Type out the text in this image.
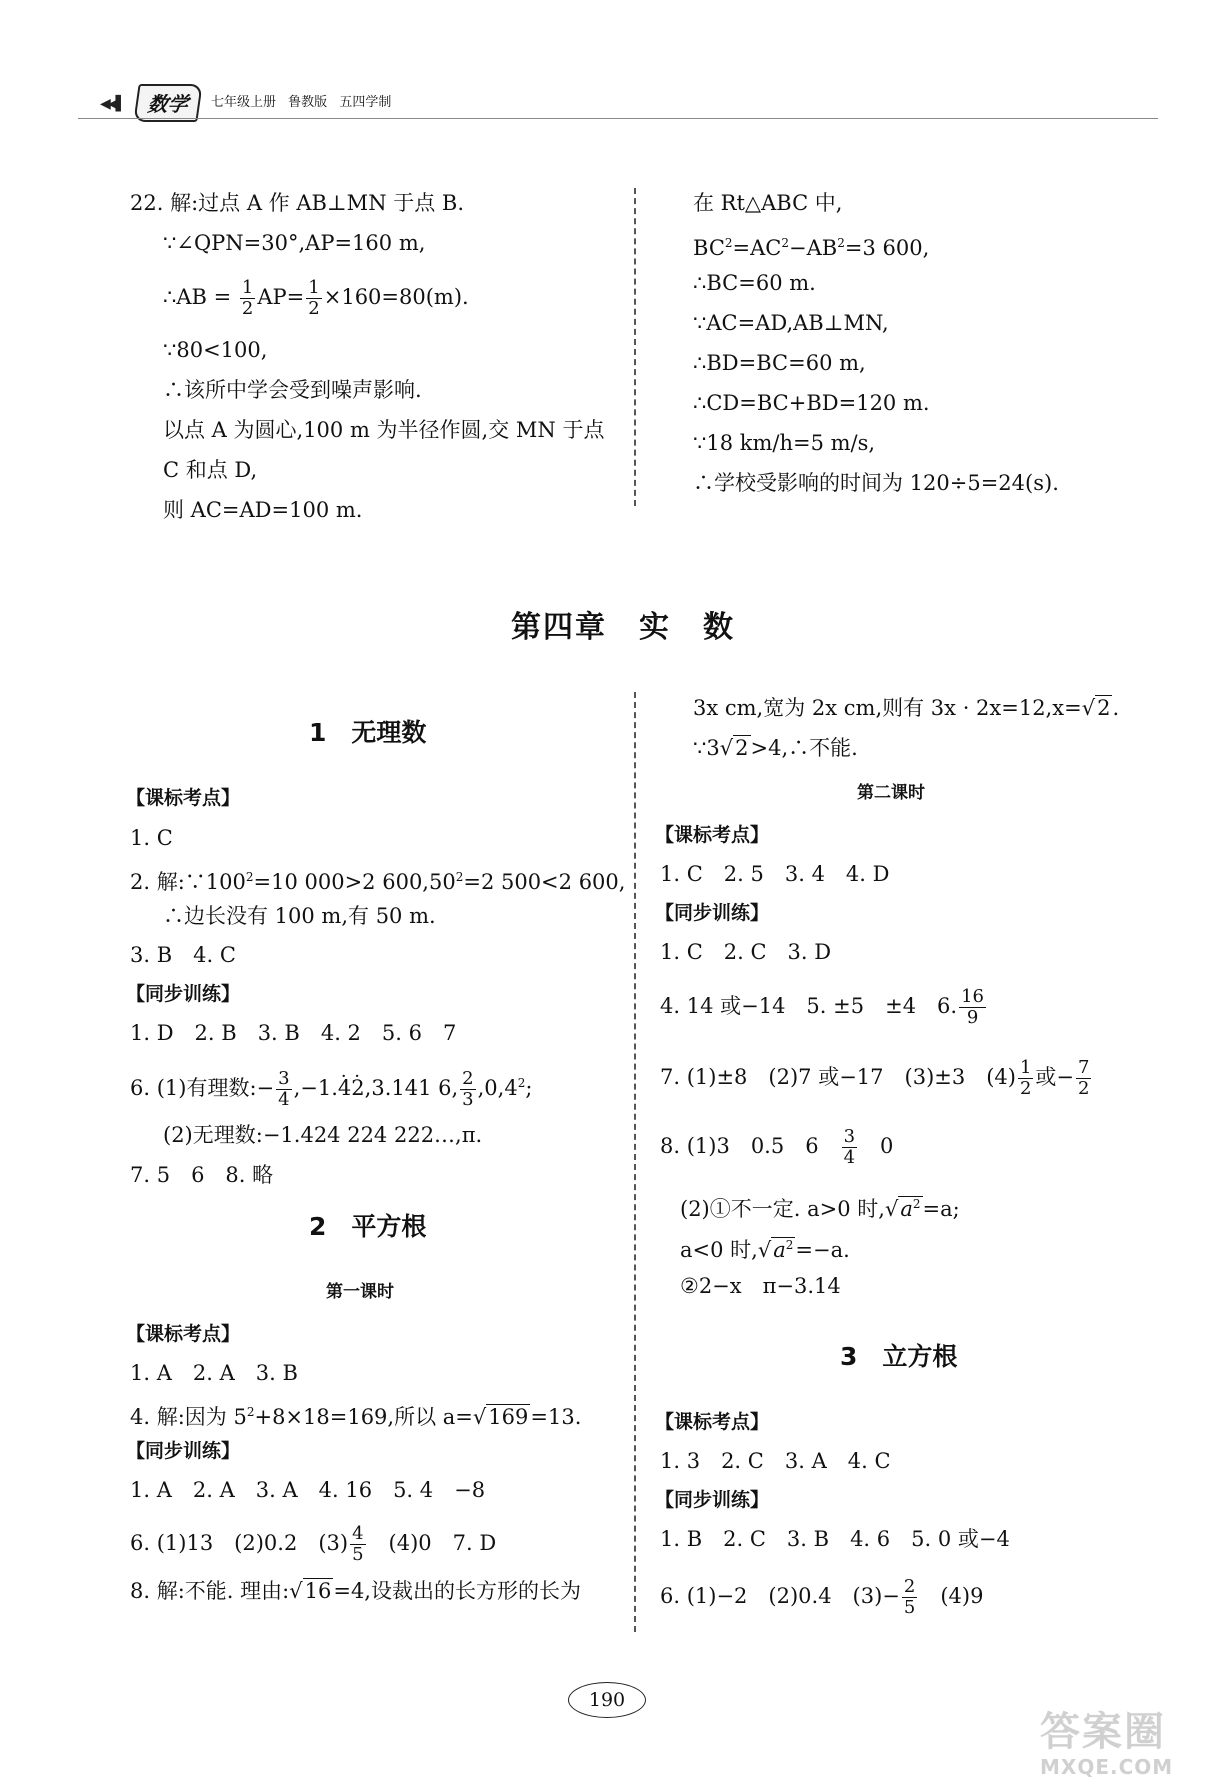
◀◀▌	数学	七年级上册 鲁教版 五四学制
22. 解:过点 A 作 AB⊥MN 于点 B.
∵∠QPN=30°,AP=160 m,
∴AB = $\frac{1}{2} AP= \frac{1}{2} \times 160=80(m)$.
∵80<100,
∴该所中学会受到噪声影响.
以点 A 为圆心,100 m 为半径作圆,交 MN 于点
C 和点 D,
则 AC=AD=100 m.
在 Rt△ABC 中,
$BC^2=AC^2-AB^2=3$ 600,
∴BC=60 m.
∵AC=AD,AB⊥MN,
∴BD=BC=60 m,
∴CD=BC+BD=120 m.
∵18 km/h=5 m/s,
∴学校受影响的时间为 120÷5=24(s).
第四章　实　数
1　无理数
【课标考点】
1. C
2. 解$:\because 100^2=10$ 000>2 $600,50^2=2$ 500<2 600,
∴边长没有 100 m,有 50 m.
3. B　4. C
【同步训练】
1. D　2. B　3. B　4. 2　5. 6　7
6. (1)有理数:− $\frac{3}{4} ,-1.\cdot 4\cdot 2,3.141$ 6, $\frac{2}{3} ,0,4^2$;
(2)无理数:−1.424 224 222…,π.
7. 5　6　8. 略
2　平方根
第一课时
【课标考点】
1. A　2. A　3. B
4. 解:因为 $5^2+8\times 18=169$,所以 a=√169=13.
【同步训练】
1. A　2. A　3. A　4. 16　5. 4　−8
6. (1)13　(2)0.2　$(3) \frac{4}{5}$ 　(4)0　7. D
8. 解:不能. 理由:√16=4,设裁出的长方形的长为
3x cm,宽为 2x cm,则有 3x · 2x=12,x=√2.
∵3√2>4,∴不能.
第二课时
【课标考点】
1. C　2. 5　3. 4　4. D
【同步训练】
1. C　2. C　3. D
4. 14 或−14　5. ±5　±4　6. $\frac{16}{9}$
7. (1)±8　(2)7 或−17　(3)±3　$(4) \frac{1}{2}$ 或− $\frac{7}{2}$
8. (1)3　0.5　6　 $\frac{3}{4}$
　 0
(2)①不一定. a>0 时$,√a^2=a$;
a<0 时$,√a^2=-a$.
②2−x　π−3.14
3　立方根
【课标考点】
1. 3　2. C　3. A　4. C
【同步训练】
1. B　2. C　3. B　4. 6　5. 0 或−4
6. (1)−2　(2)0.4　$(3)- \frac{2}{5}$ 　(4)9
190
答案圈
MXQE.COM
